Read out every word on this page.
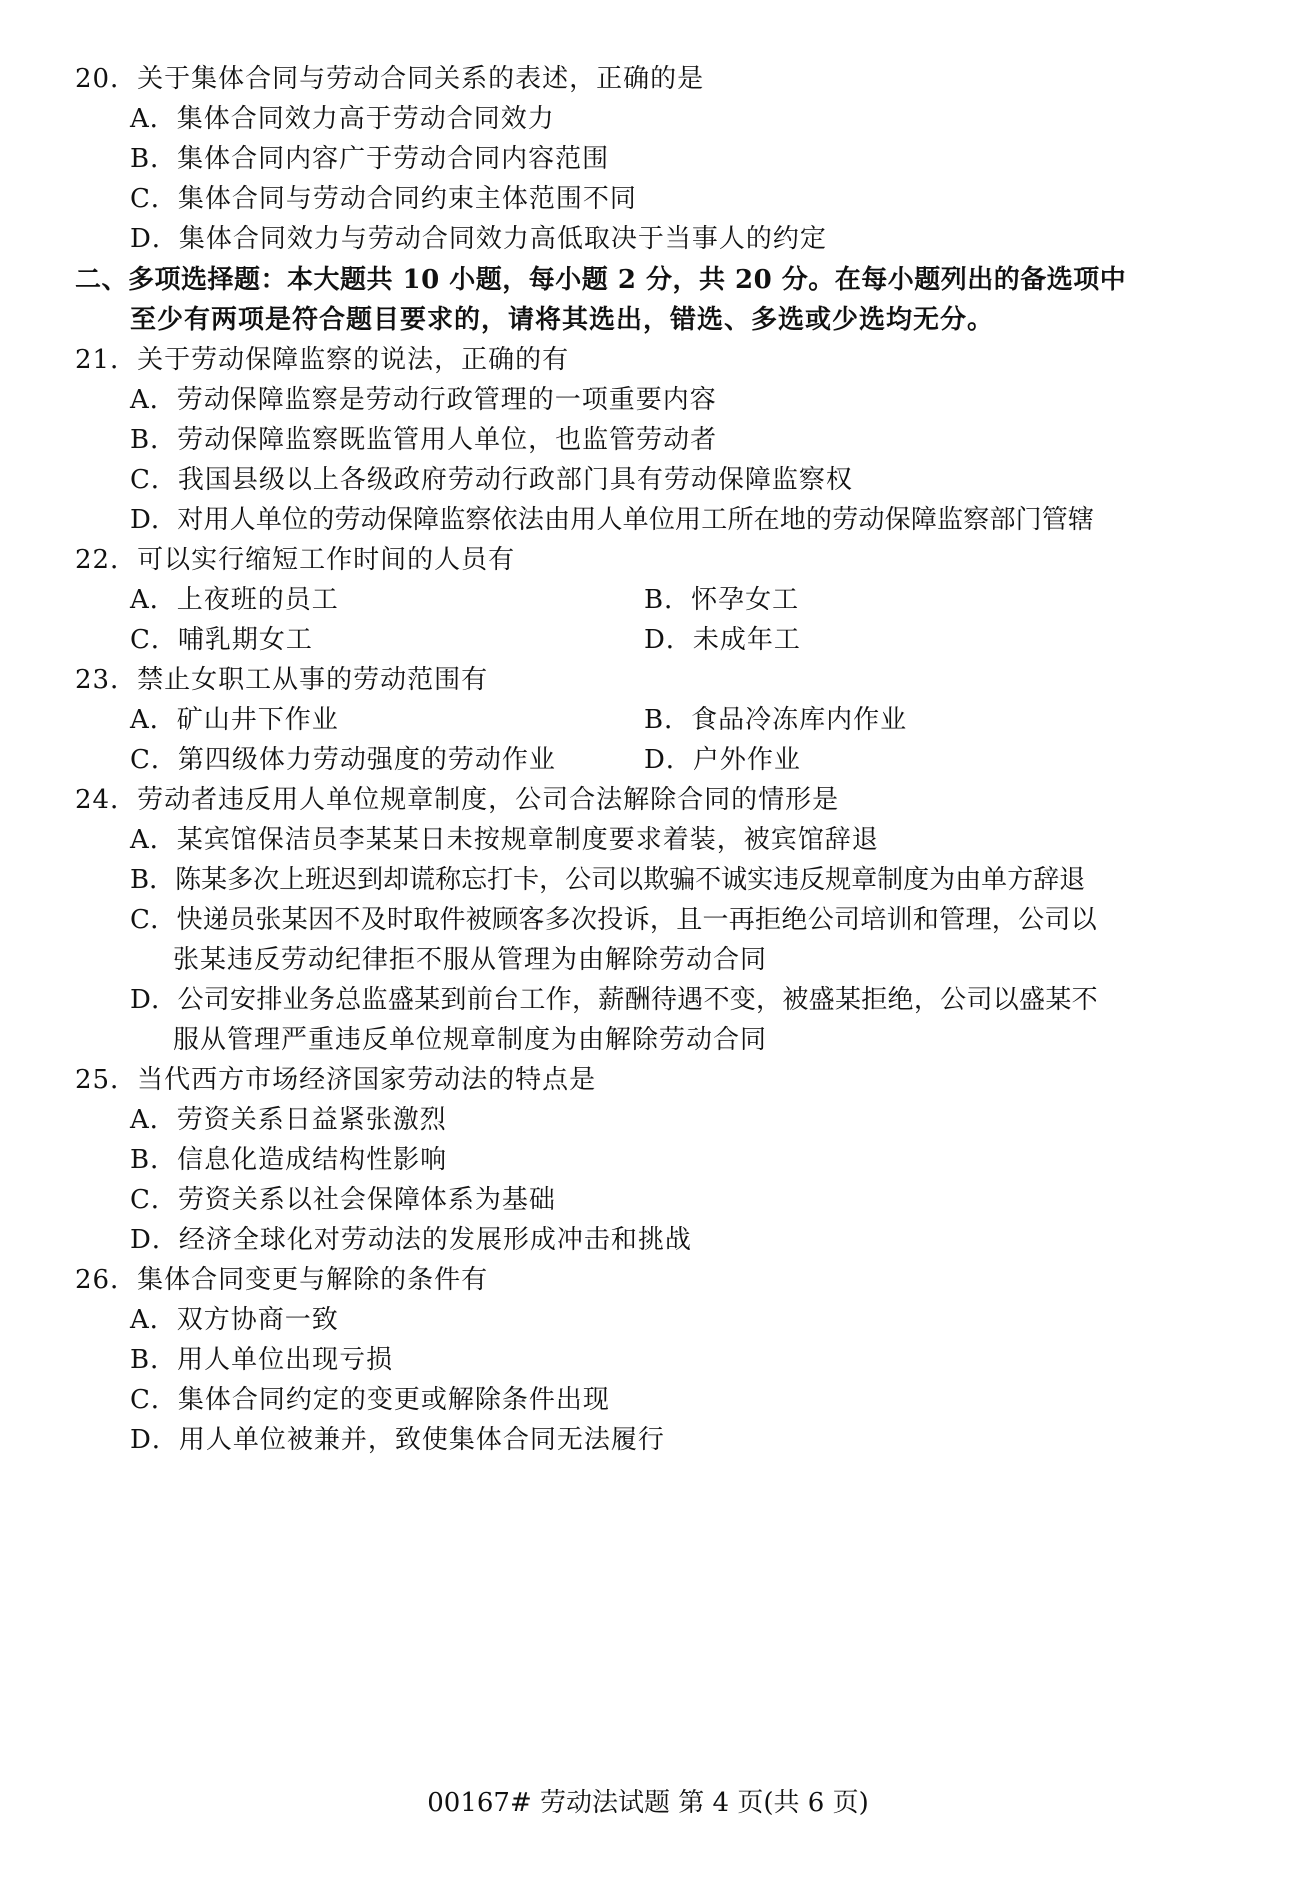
20．关于集体合同与劳动合同关系的表述，正确的是
A．集体合同效力高于劳动合同效力
B．集体合同内容广于劳动合同内容范围
C．集体合同与劳动合同约束主体范围不同
D．集体合同效力与劳动合同效力高低取决于当事人的约定
二、多项选择题：本大题共 10 小题，每小题 2 分，共 20 分。在每小题列出的备选项中
至少有两项是符合题目要求的，请将其选出，错选、多选或少选均无分。
21．关于劳动保障监察的说法，正确的有
A．劳动保障监察是劳动行政管理的一项重要内容
B．劳动保障监察既监管用人单位，也监管劳动者
C．我国县级以上各级政府劳动行政部门具有劳动保障监察权
D．对用人单位的劳动保障监察依法由用人单位用工所在地的劳动保障监察部门管辖
22．可以实行缩短工作时间的人员有
A．上夜班的员工	B．怀孕女工
C．哺乳期女工	D．未成年工
23．禁止女职工从事的劳动范围有
A．矿山井下作业	B．食品冷冻库内作业
C．第四级体力劳动强度的劳动作业	D．户外作业
24．劳动者违反用人单位规章制度，公司合法解除合同的情形是
A．某宾馆保洁员李某某日未按规章制度要求着装，被宾馆辞退
B．陈某多次上班迟到却谎称忘打卡，公司以欺骗不诚实违反规章制度为由单方辞退
C．快递员张某因不及时取件被顾客多次投诉，且一再拒绝公司培训和管理，公司以
张某违反劳动纪律拒不服从管理为由解除劳动合同
D．公司安排业务总监盛某到前台工作，薪酬待遇不变，被盛某拒绝，公司以盛某不
服从管理严重违反单位规章制度为由解除劳动合同
25．当代西方市场经济国家劳动法的特点是
A．劳资关系日益紧张激烈
B．信息化造成结构性影响
C．劳资关系以社会保障体系为基础
D．经济全球化对劳动法的发展形成冲击和挑战
26．集体合同变更与解除的条件有
A．双方协商一致
B．用人单位出现亏损
C．集体合同约定的变更或解除条件出现
D．用人单位被兼并，致使集体合同无法履行
00167# 劳动法试题 第 4 页(共 6 页)
